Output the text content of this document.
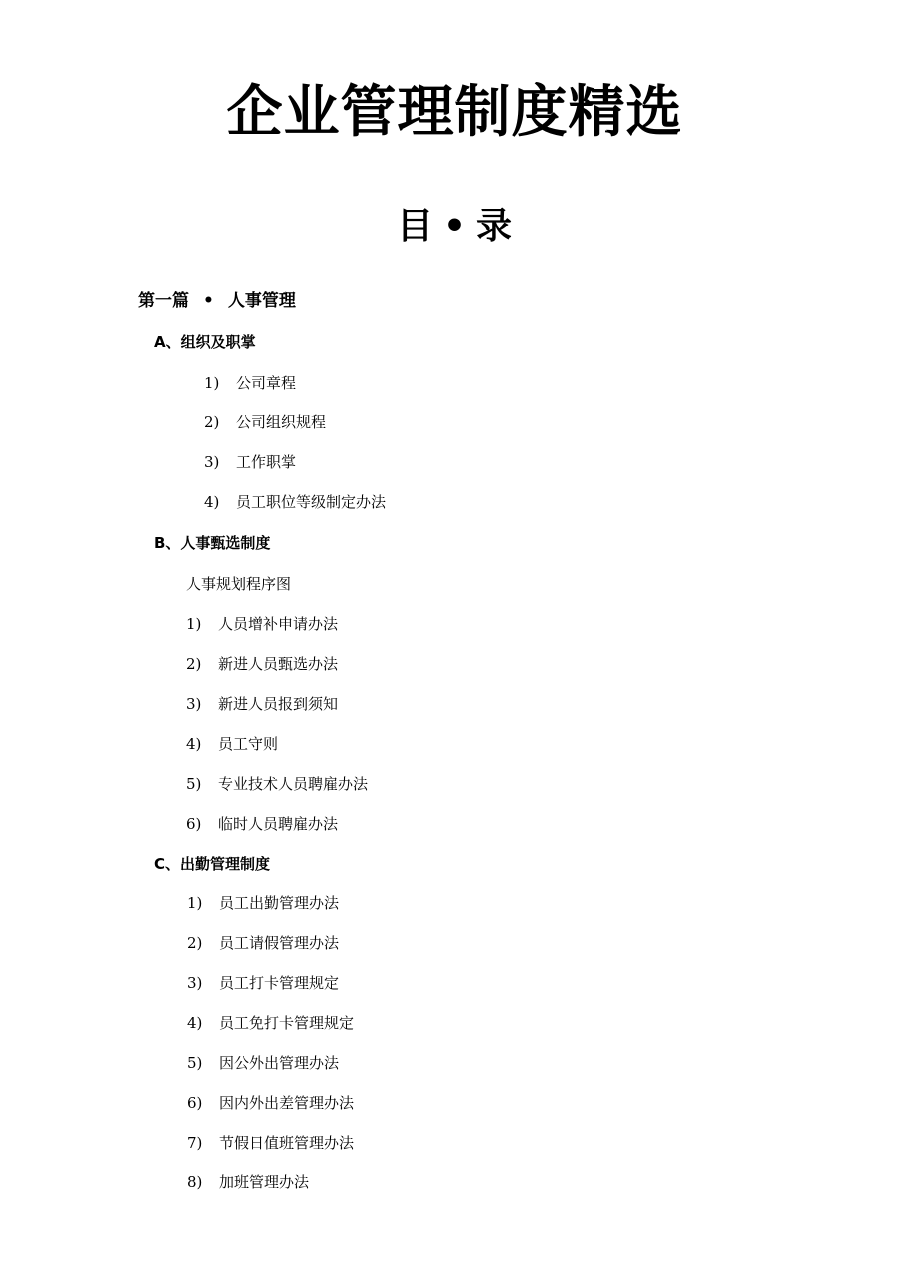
企业管理制度精选
目 • 录
第一篇 • 人事管理
A、组织及职掌
1) 公司章程
2) 公司组织规程
3) 工作职掌
4) 员工职位等级制定办法
B、人事甄选制度
人事规划程序图
1) 人员增补申请办法
2) 新进人员甄选办法
3) 新进人员报到须知
4) 员工守则
5) 专业技术人员聘雇办法
6) 临时人员聘雇办法
C、出勤管理制度
1) 员工出勤管理办法
2) 员工请假管理办法
3) 员工打卡管理规定
4) 员工免打卡管理规定
5) 因公外出管理办法
6) 因内外出差管理办法
7) 节假日值班管理办法
8) 加班管理办法
